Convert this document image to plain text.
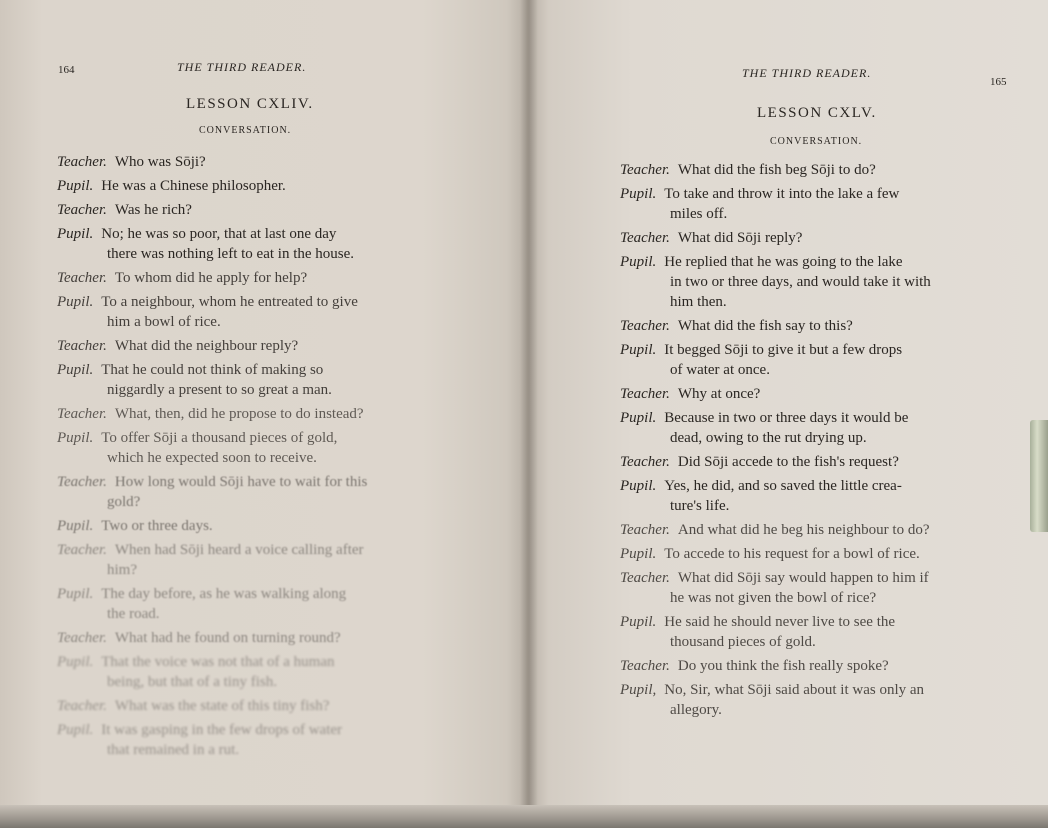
164	THE THIRD READER.
LESSON CXLIV.
CONVERSATION.

Teacher. Who was Sōji?

Pupil. He was a Chinese philosopher.

Teacher. Was he rich?

Pupil. No; he was so poor, that at last one day

there was nothing left to eat in the house.

Teacher. To whom did he apply for help?

Pupil. To a neighbour, whom he entreated to give

him a bowl of rice.

Teacher. What did the neighbour reply?

Pupil. That he could not think of making so

niggardly a present to so great a man.

Teacher. What, then, did he propose to do instead?

Pupil. To offer Sōji a thousand pieces of gold,

which he expected soon to receive.

Teacher. How long would Sōji have to wait for this

gold?

Pupil. Two or three days.

Teacher. When had Sōji heard a voice calling after

him?

Pupil. The day before, as he was walking along

the road.

Teacher. What had he found on turning round?

Pupil. That the voice was not that of a human

being, but that of a tiny fish.

Teacher. What was the state of this tiny fish?

Pupil. It was gasping in the few drops of water

that remained in a rut.

THE THIRD READER.
165
LESSON CXLV.
CONVERSATION.

Teacher. What did the fish beg Sōji to do?

Pupil. To take and throw it into the lake a few

miles off.

Teacher. What did Sōji reply?

Pupil. He replied that he was going to the lake

in two or three days, and would take it with

him then.

Teacher. What did the fish say to this?

Pupil. It begged Sōji to give it but a few drops

of water at once.

Teacher. Why at once?

Pupil. Because in two or three days it would be

dead, owing to the rut drying up.

Teacher. Did Sōji accede to the fish's request?

Pupil. Yes, he did, and so saved the little crea-

ture's life.

Teacher. And what did he beg his neighbour to do?

Pupil. To accede to his request for a bowl of rice.

Teacher. What did Sōji say would happen to him if

he was not given the bowl of rice?

Pupil. He said he should never live to see the

thousand pieces of gold.

Teacher. Do you think the fish really spoke?

Pupil, No, Sir, what Sōji said about it was only an

allegory.
